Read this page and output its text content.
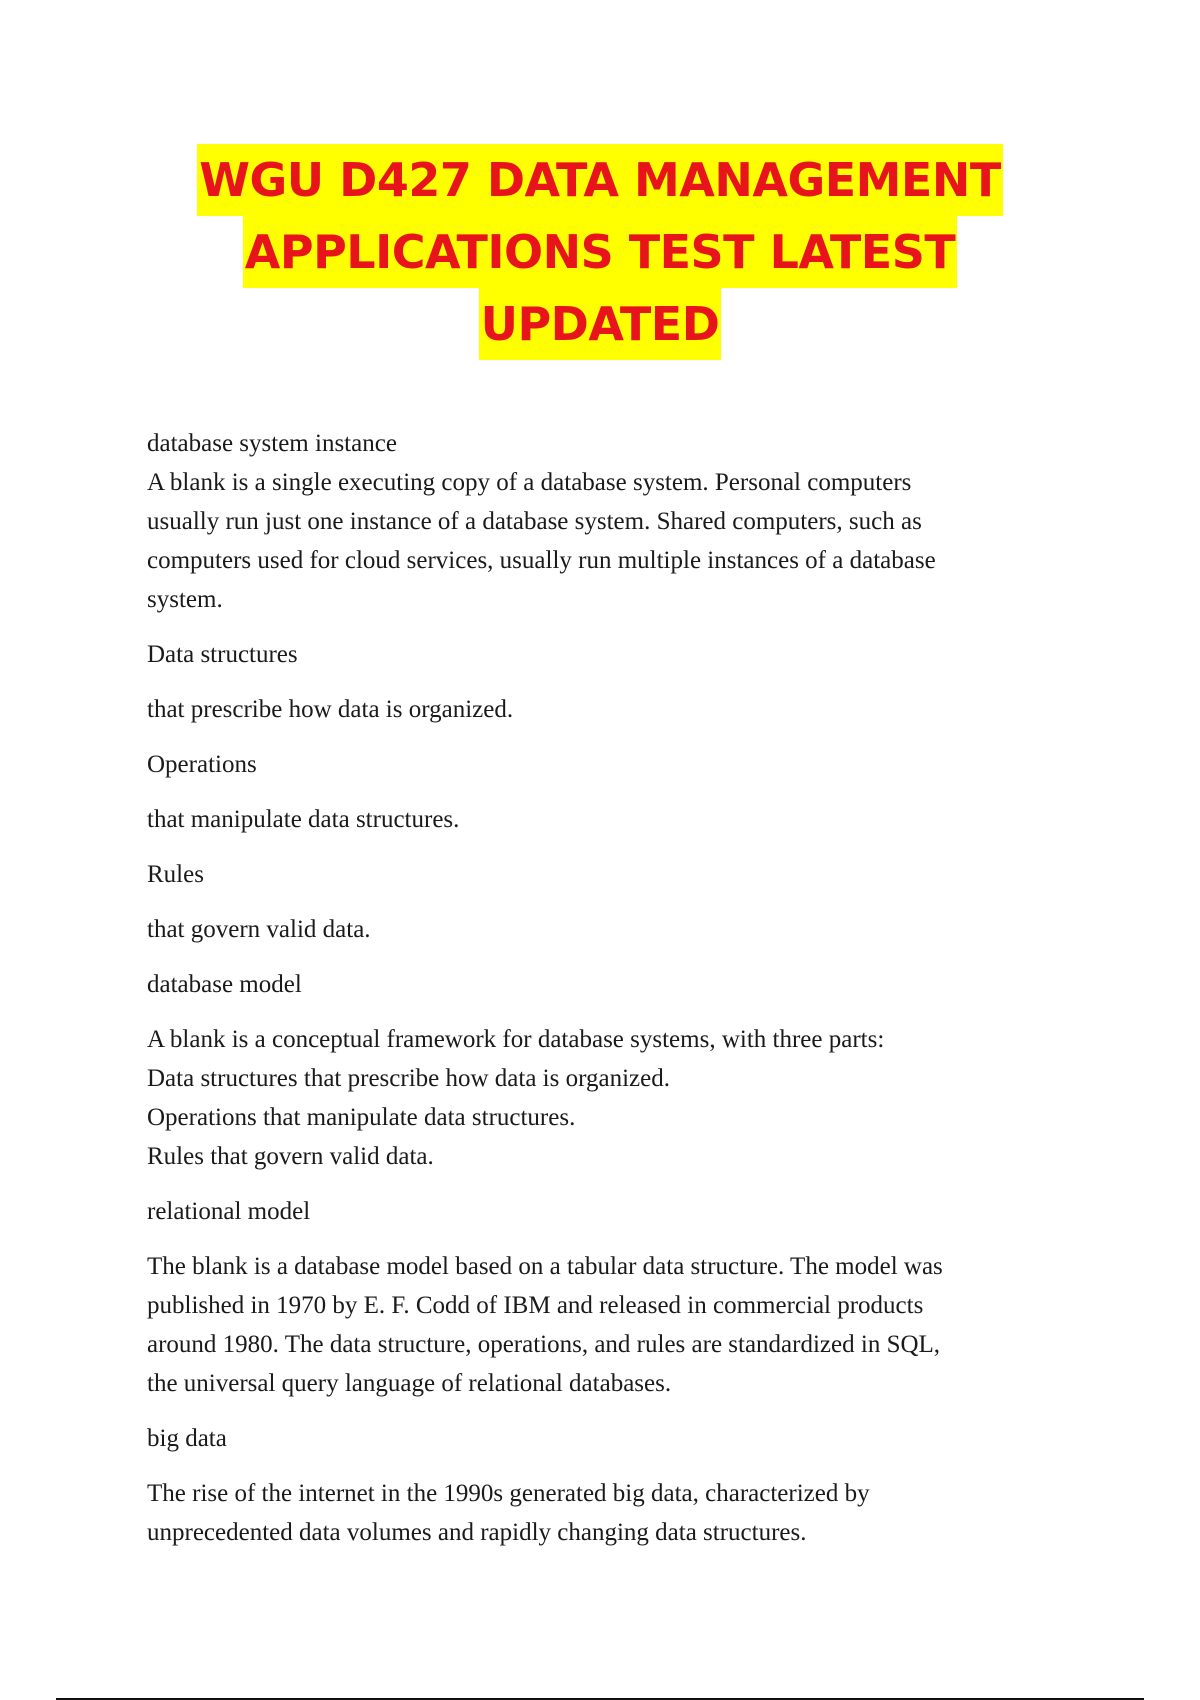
WGU D427 DATA MANAGEMENT
APPLICATIONS TEST LATEST
UPDATED

database system instance

A blank is a single executing copy of a database system. Personal computers

usually run just one instance of a database system. Shared computers, such as

computers used for cloud services, usually run multiple instances of a database

system.

Data structures

that prescribe how data is organized.

Operations

that manipulate data structures.

Rules

that govern valid data.

database model

A blank is a conceptual framework for database systems, with three parts:

Data structures that prescribe how data is organized.

Operations that manipulate data structures.

Rules that govern valid data.

relational model

The blank is a database model based on a tabular data structure. The model was

published in 1970 by E. F. Codd of IBM and released in commercial products

around 1980. The data structure, operations, and rules are standardized in SQL,

the universal query language of relational databases.

big data

The rise of the internet in the 1990s generated big data, characterized by

unprecedented data volumes and rapidly changing data structures.
